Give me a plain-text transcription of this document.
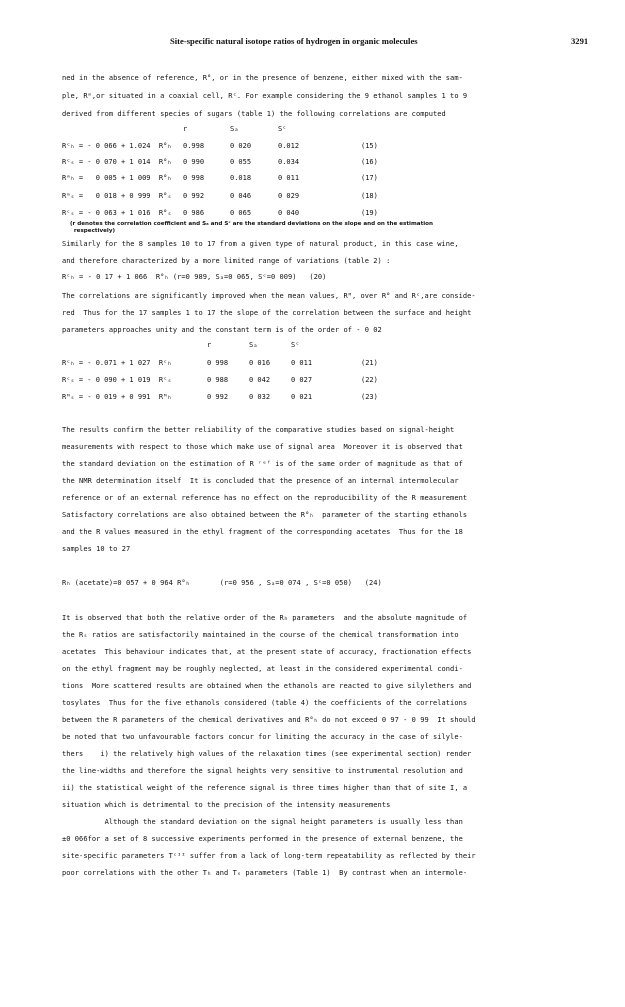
Site-specific natural isotope ratios of hydrogen in organic molecules	3291
ned in the absence of reference, R°, or in the presence of benzene, either mixed with the sam-
ple, Rᵐ,or situated in a coaxial cell, Rᶜ. For example considering the 9 ethanol samples 1 to 9
derived from different species of sugars (table 1) the following correlations are computed
r	Sₐ	Sᶜ
Rᶜₕ = - 0 066 + 1.024  R°ₕ 0.998	0 020	0.012	(15)
Rᶜₛ = - 0 070 + 1 014  R°ₕ 0 990	0 055	0.034	(16)
Rᵐₕ =   0 005 + 1 009  R°ₕ 0 998	0.018	0 011	(17)
Rᵐₛ =   0 018 + 0 999  R°ₛ 0 992	0 046	0 029	(18)
Rᶜₛ = - 0 063 + 1 016  R°ₛ 0 986	0 065	0 040	(19)
(r denotes the correlation coefficient and Sₐ and Sᶜ are the standard deviations on the slope and on the estimation
respectively)
Similarly for the 8 samples 10 to 17 from a given type of natural product, in this case wine,
and therefore characterized by a more limited range of variations (table 2) :
Rᶜₕ = - 0 17 + 1 066  R°ₕ (r=0 989, Sₐ=0 065, Sᶜ=0 009)   (20)
The correlations are significantly improved when the mean values, Rᴹ, over R° and Rᶜ,are conside-
red  Thus for the 17 samples 1 to 17 the slope of the correlation between the surface and height
parameters approaches unity and the constant term is of the order of - 0 02
r	Sₐ	Sᶜ
Rᶜₕ = - 0.071 + 1 027  Rᶜₕ	0 998	0 016	0 011	(21)
Rᶜₛ = - 0 090 + 1 019  Rᶜₛ	0 988	0 042	0 027	(22)
Rᴹₛ = - 0 019 + 0 991  Rᴹₕ	0 992	0 032	0 021	(23)
The results confirm the better reliability of the comparative studies based on signal-height
measurements with respect to those which make use of signal area  Moreover it is observed that
the standard deviation on the estimation of R ʳᵉᶠ is of the same order of magnitude as that of
the NMR determination itself  It is concluded that the presence of an internal intermolecular
reference or of an external reference has no effect on the reproducibility of the R measurement
Satisfactory correlations are also obtained between the R°ₕ  parameter of the starting ethanols
and the R values measured in the ethyl fragment of the corresponding acetates  Thus for the 18
samples 10 to 27
Rₕ (acetate)=0 057 + 0 964 R°ₕ       (r=0 956 , Sₐ=0 074 , Sᶜ=0 050)   (24)
It is observed that both the relative order of the Rₕ parameters  and the absolute magnitude of
the Rₛ ratios are satisfactorily maintained in the course of the chemical transformation into
acetates  This behaviour indicates that, at the present state of accuracy, fractionation effects
on the ethyl fragment may be roughly neglected, at least in the considered experimental condi-
tions  More scattered results are obtained when the ethanols are reacted to give silylethers and
tosylates  Thus for the five ethanols considered (table 4) the coefficients of the correlations
between the R parameters of the chemical derivatives and R°ₕ do not exceed 0 97 - 0 99  It should
be noted that two unfavourable factors concur for limiting the accuracy in the case of silyle-
thers    i) the relatively high values of the relaxation times (see experimental section) render
the line-widths and therefore the signal heights very sensitive to instrumental resolution and
ii) the statistical weight of the reference signal is three times higher than that of site I, a
situation which is detrimental to the precision of the intensity measurements
Although the standard deviation on the signal height parameters is usually less than
±0 066for a set of 8 successive experiments performed in the presence of external benzene, the
site-specific parameters Tᶜᴵᴵ suffer from a lack of long-term repeatability as reflected by their
poor correlations with the other Tₕ and Tₛ parameters (Table 1)  By contrast when an intermole-
